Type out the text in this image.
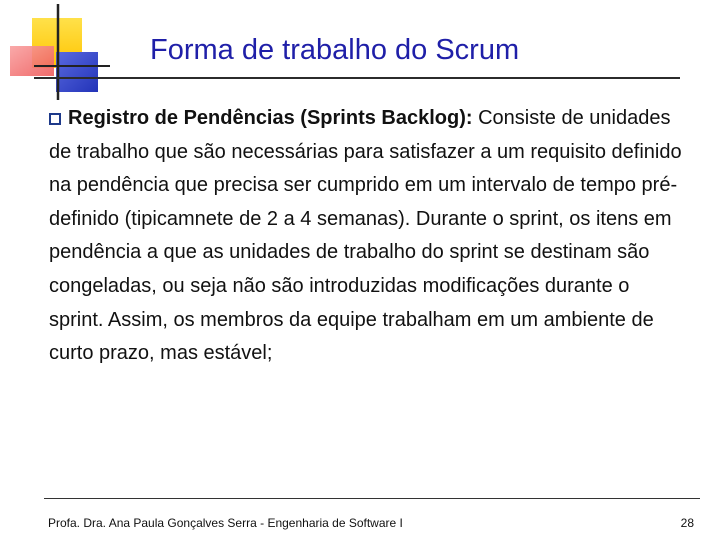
Forma de trabalho do Scrum
Registro de Pendências (Sprints Backlog): Consiste de unidades de trabalho que são necessárias para satisfazer a um requisito definido na pendência que precisa ser cumprido em um intervalo de tempo pré-definido (tipicamnete de 2 a 4 semanas). Durante o sprint, os itens em pendência a que as unidades de trabalho do sprint se destinam são congeladas, ou seja não são introduzidas modificações durante o sprint. Assim, os membros da equipe trabalham em um ambiente de curto prazo, mas estável;
Profa. Dra. Ana Paula Gonçalves Serra - Engenharia de Software I	28
